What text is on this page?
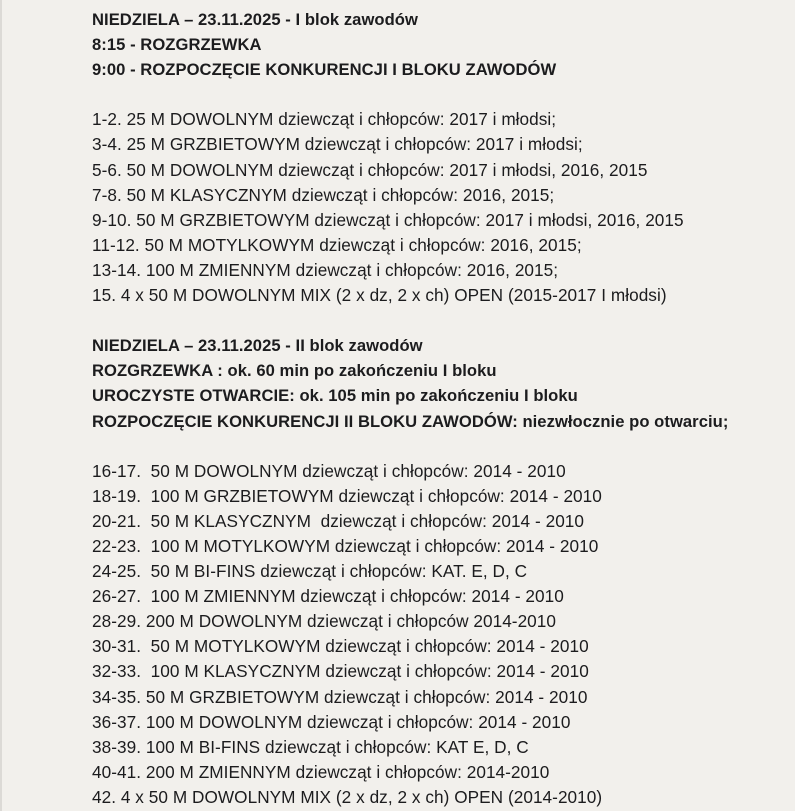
NIEDZIELA – 23.11.2025 - I blok zawodów
8:15 - ROZGRZEWKA
9:00 - ROZPOCZĘCIE KONKURENCJI I BLOKU ZAWODÓW
1-2. 25 M DOWOLNYM dziewcząt i chłopców: 2017 i młodsi;
3-4. 25 M GRZBIETOWYM dziewcząt i chłopców: 2017 i młodsi;
5-6. 50 M DOWOLNYM dziewcząt i chłopców: 2017 i młodsi, 2016, 2015
7-8. 50 M KLASYCZNYM dziewcząt i chłopców: 2016, 2015;
9-10. 50 M GRZBIETOWYM dziewcząt i chłopców: 2017 i młodsi, 2016, 2015
11-12. 50 M MOTYLKOWYM dziewcząt i chłopców: 2016, 2015;
13-14. 100 M ZMIENNYM dziewcząt i chłopców: 2016, 2015;
15. 4 x 50 M DOWOLNYM MIX (2 x dz, 2 x ch) OPEN (2015-2017 I młodsi)
NIEDZIELA – 23.11.2025 - II blok zawodów
ROZGRZEWKA : ok. 60 min po zakończeniu I bloku
UROCZYSTE OTWARCIE: ok. 105 min po zakończeniu I bloku
ROZPOCZĘCIE KONKURENCJI II BLOKU ZAWODÓW: niezwłocznie po otwarciu;
16-17.  50 M DOWOLNYM dziewcząt i chłopców: 2014 - 2010
18-19.  100 M GRZBIETOWYM dziewcząt i chłopców: 2014 - 2010
20-21.  50 M KLASYCZNYM  dziewcząt i chłopców: 2014 - 2010
22-23.  100 M MOTYLKOWYM dziewcząt i chłopców: 2014 - 2010
24-25.  50 M BI-FINS dziewcząt i chłopców: KAT. E, D, C
26-27.  100 M ZMIENNYM dziewcząt i chłopców: 2014 - 2010
28-29. 200 M DOWOLNYM dziewcząt i chłopców 2014-2010
30-31.  50 M MOTYLKOWYM dziewcząt i chłopców: 2014 - 2010
32-33.  100 M KLASYCZNYM dziewcząt i chłopców: 2014 - 2010
34-35. 50 M GRZBIETOWYM dziewcząt i chłopców: 2014 - 2010
36-37. 100 M DOWOLNYM dziewcząt i chłopców: 2014 - 2010
38-39. 100 M BI-FINS dziewcząt i chłopców: KAT E, D, C
40-41. 200 M ZMIENNYM dziewcząt i chłopców: 2014-2010
42. 4 x 50 M DOWOLNYM MIX (2 x dz, 2 x ch) OPEN (2014-2010)
